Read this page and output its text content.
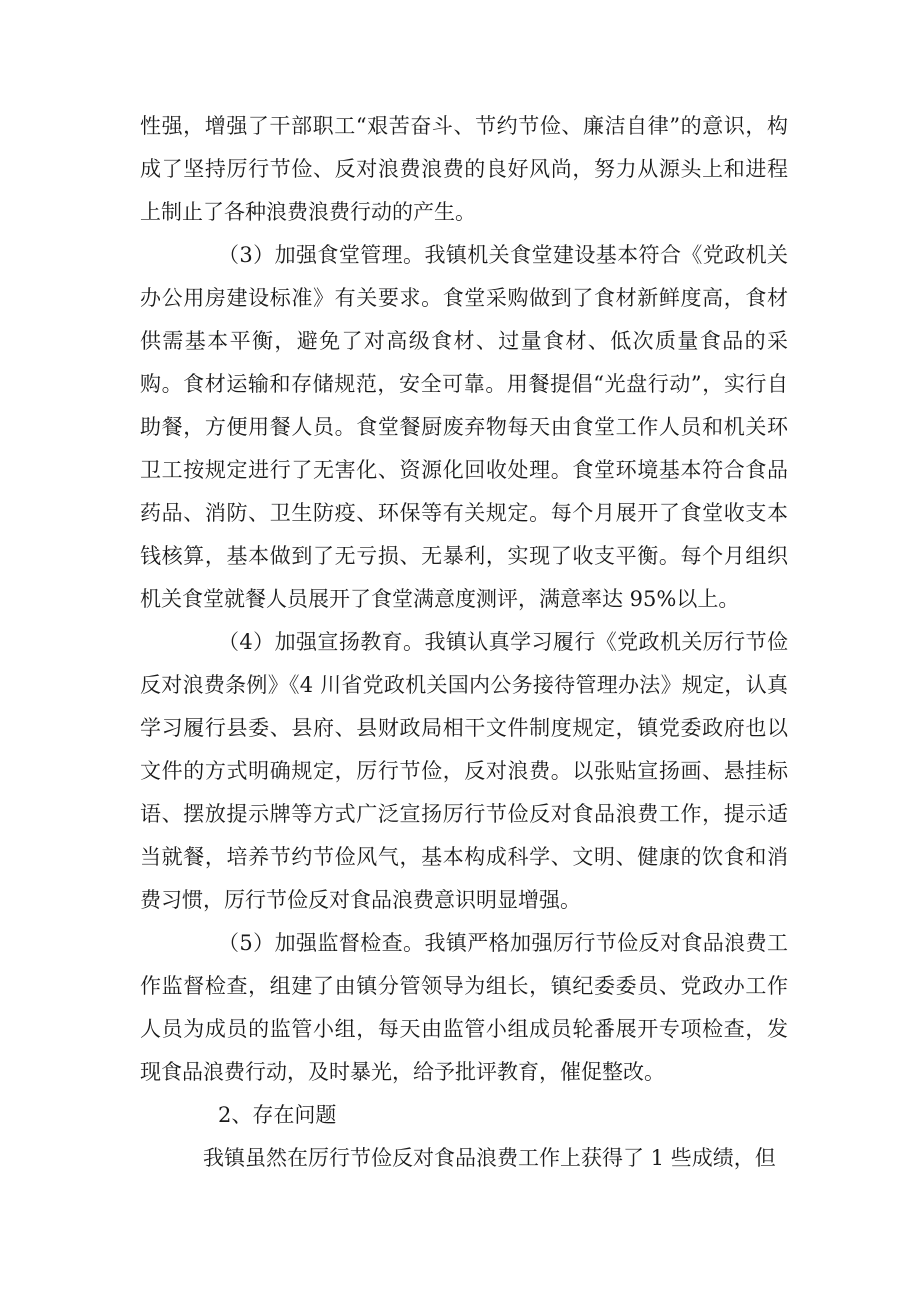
性强，增强了干部职工“艰苦奋斗、节约节俭、廉洁自律”的意识，构成了坚持厉行节俭、反对浪费浪费的良好风尚，努力从源头上和进程上制止了各种浪费浪费行动的产生。

（3）加强食堂管理。我镇机关食堂建设基本符合《党政机关办公用房建设标准》有关要求。食堂采购做到了食材新鲜度高，食材供需基本平衡，避免了对高级食材、过量食材、低次质量食品的采购。食材运输和存储规范，安全可靠。用餐提倡“光盘行动”，实行自助餐，方便用餐人员。食堂餐厨废弃物每天由食堂工作人员和机关环卫工按规定进行了无害化、资源化回收处理。食堂环境基本符合食品药品、消防、卫生防疫、环保等有关规定。每个月展开了食堂收支本钱核算，基本做到了无亏损、无暴利，实现了收支平衡。每个月组织机关食堂就餐人员展开了食堂满意度测评，满意率达 95%以上。

（4）加强宣扬教育。我镇认真学习履行《党政机关厉行节俭反对浪费条例》《4 川省党政机关国内公务接待管理办法》规定，认真学习履行县委、县府、县财政局相干文件制度规定，镇党委政府也以文件的方式明确规定，厉行节俭，反对浪费。以张贴宣扬画、悬挂标语、摆放提示牌等方式广泛宣扬厉行节俭反对食品浪费工作，提示适当就餐，培养节约节俭风气，基本构成科学、文明、健康的饮食和消费习惯，厉行节俭反对食品浪费意识明显增强。

（5）加强监督检查。我镇严格加强厉行节俭反对食品浪费工作监督检查，组建了由镇分管领导为组长，镇纪委委员、党政办工作人员为成员的监管小组，每天由监管小组成员轮番展开专项检查，发现食品浪费行动，及时暴光，给予批评教育，催促整改。

2、存在问题

我镇虽然在厉行节俭反对食品浪费工作上获得了 1 些成绩，但
